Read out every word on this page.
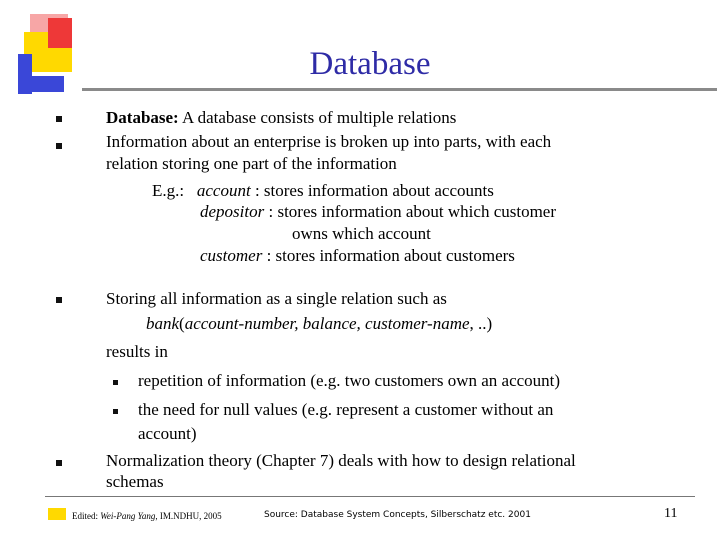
Database
Database: A database consists of multiple relations
Information about an enterprise is broken up into parts, with each
relation storing one part of the information
E.g.: account : stores information about accounts
depositor : stores information about which customer
owns which account
customer : stores information about customers
Storing all information as a single relation such as
bank(account-number, balance, customer-name, ..)
results in
repetition of information (e.g. two customers own an account)
the need for null values (e.g. represent a customer without an
account)
Normalization theory (Chapter 7) deals with how to design relational
schemas
Edited: Wei-Pang Yang, IM.NDHU, 2005	Source: Database System Concepts, Silberschatz etc. 2001	11
